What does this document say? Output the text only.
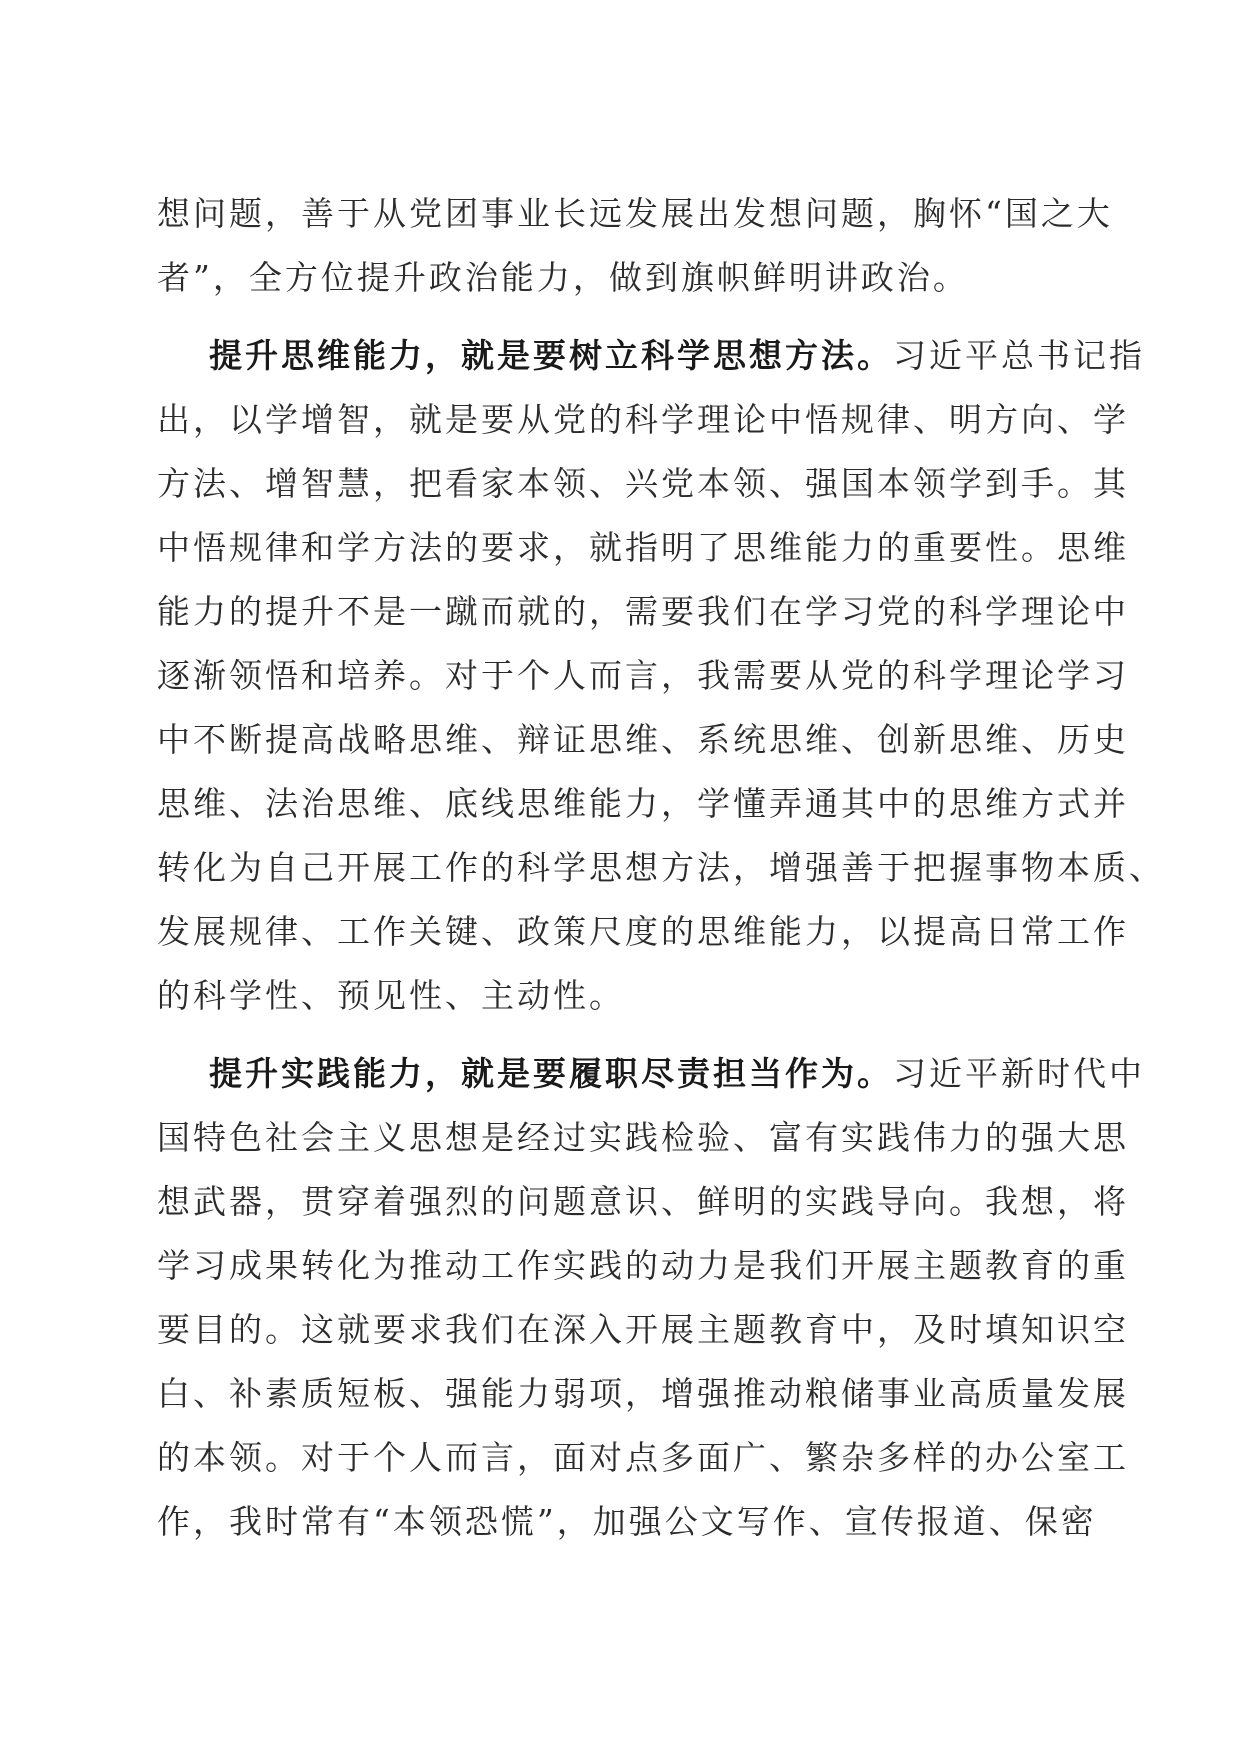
想问题，善于从党团事业长远发展出发想问题，胸怀“国之大
者”，全方位提升政治能力，做到旗帜鲜明讲政治。
提升思维能力，就是要树立科学思想方法。习近平总书记指
出，以学增智，就是要从党的科学理论中悟规律、明方向、学
方法、增智慧，把看家本领、兴党本领、强国本领学到手。其
中悟规律和学方法的要求，就指明了思维能力的重要性。思维
能力的提升不是一蹴而就的，需要我们在学习党的科学理论中
逐渐领悟和培养。对于个人而言，我需要从党的科学理论学习
中不断提高战略思维、辩证思维、系统思维、创新思维、历史
思维、法治思维、底线思维能力，学懂弄通其中的思维方式并
转化为自己开展工作的科学思想方法，增强善于把握事物本质、
发展规律、工作关键、政策尺度的思维能力，以提高日常工作
的科学性、预见性、主动性。
提升实践能力，就是要履职尽责担当作为。习近平新时代中
国特色社会主义思想是经过实践检验、富有实践伟力的强大思
想武器，贯穿着强烈的问题意识、鲜明的实践导向。我想，将
学习成果转化为推动工作实践的动力是我们开展主题教育的重
要目的。这就要求我们在深入开展主题教育中，及时填知识空
白、补素质短板、强能力弱项，增强推动粮储事业高质量发展
的本领。对于个人而言，面对点多面广、繁杂多样的办公室工
作，我时常有“本领恐慌”，加强公文写作、宣传报道、保密
